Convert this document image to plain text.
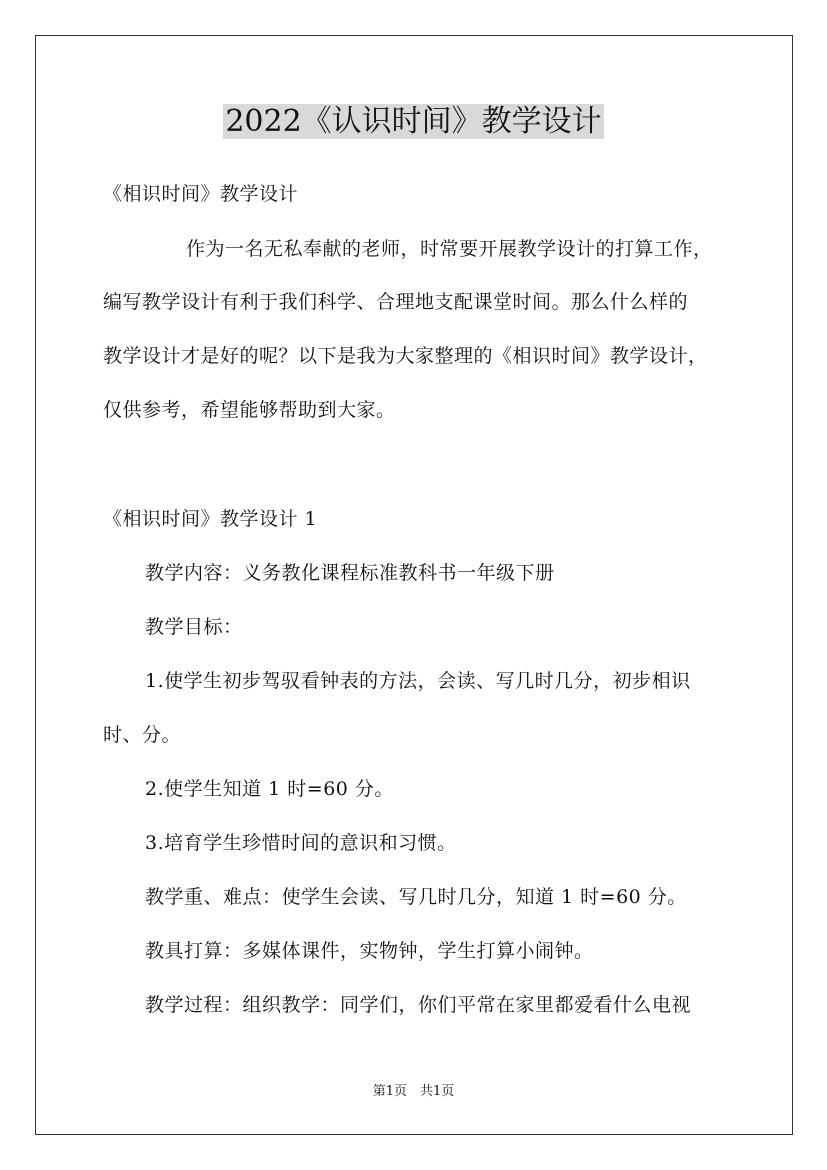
2022《认识时间》教学设计
《相识时间》教学设计
作为一名无私奉献的老师，时常要开展教学设计的打算工作，
编写教学设计有利于我们科学、合理地支配课堂时间。那么什么样的
教学设计才是好的呢？以下是我为大家整理的《相识时间》教学设计，
仅供参考，希望能够帮助到大家。
《相识时间》教学设计 1
教学内容：义务教化课程标准教科书一年级下册
教学目标：
1.使学生初步驾驭看钟表的方法，会读、写几时几分，初步相识
时、分。
2.使学生知道 1 时=60 分。
3.培育学生珍惜时间的意识和习惯。
教学重、难点：使学生会读、写几时几分，知道 1 时=60 分。
教具打算：多媒体课件，实物钟，学生打算小闹钟。
教学过程：组织教学：同学们，你们平常在家里都爱看什么电视
第1页　共1页
